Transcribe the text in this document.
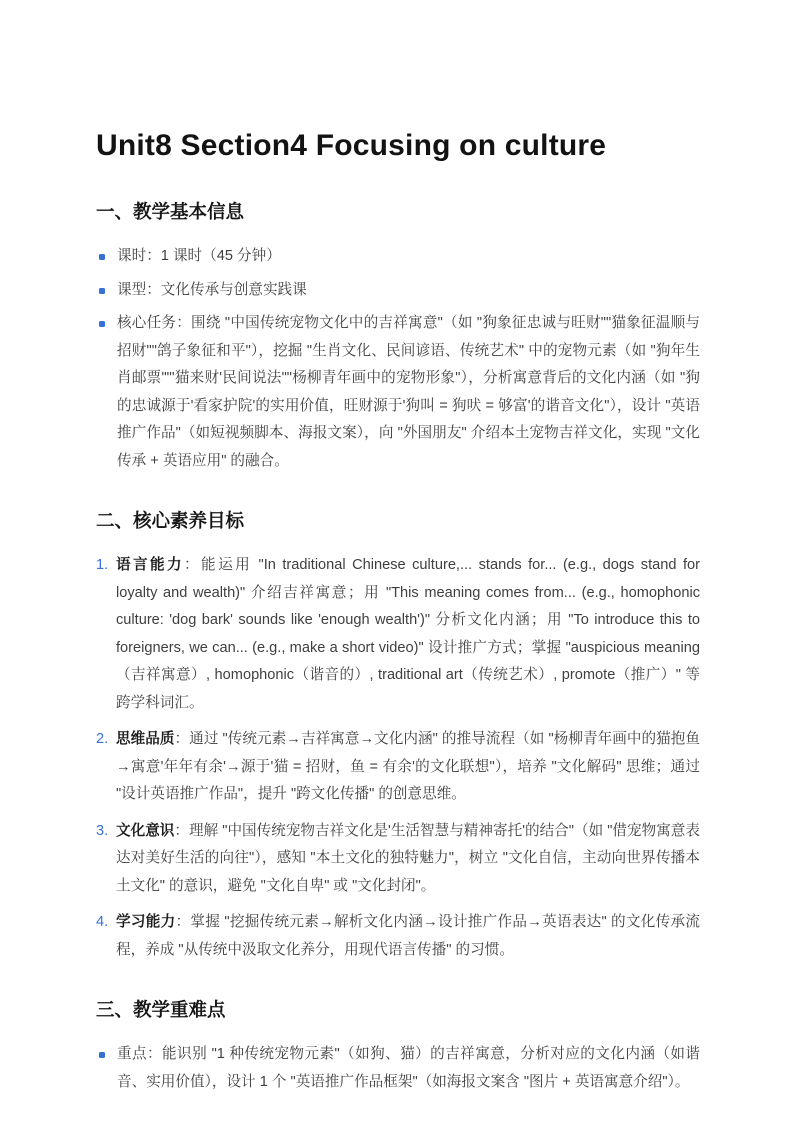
Unit8 Section4 Focusing on culture
一、教学基本信息
课时：1 课时（45 分钟）
课型：文化传承与创意实践课
核心任务：围绕 "中国传统宠物文化中的吉祥寓意"（如 "狗象征忠诚与旺财""猫象征温顺与招财""鸽子象征和平"），挖掘 "生肖文化、民间谚语、传统艺术" 中的宠物元素（如 "狗年生肖邮票""'猫来财'民间说法""杨柳青年画中的宠物形象"），分析寓意背后的文化内涵（如 "狗的忠诚源于'看家护院'的实用价值，旺财源于'狗叫 = 狗吠 = 够富'的谐音文化"），设计 "英语推广作品"（如短视频脚本、海报文案），向 "外国朋友" 介绍本土宠物吉祥文化，实现 "文化传承 + 英语应用" 的融合。
二、核心素养目标
1. 语言能力：能运用 "In traditional Chinese culture,... stands for... (e.g., dogs stand for loyalty and wealth)" 介绍吉祥寓意；用 "This meaning comes from... (e.g., homophonic culture: 'dog bark' sounds like 'enough wealth')" 分析文化内涵；用 "To introduce this to foreigners, we can... (e.g., make a short video)" 设计推广方式；掌握 "auspicious meaning（吉祥寓意）, homophonic（谐音的）, traditional art（传统艺术）, promote（推广）" 等跨学科词汇。
2. 思维品质：通过 "传统元素→吉祥寓意→文化内涵" 的推导流程（如 "杨柳青年画中的猫抱鱼→寓意'年年有余'→源于'猫 = 招财，鱼 = 有余'的文化联想"），培养 "文化解码" 思维；通过 "设计英语推广作品"，提升 "跨文化传播" 的创意思维。
3. 文化意识：理解 "中国传统宠物吉祥文化是'生活智慧与精神寄托'的结合"（如 "借宠物寓意表达对美好生活的向往"），感知 "本土文化的独特魅力"，树立 "文化自信，主动向世界传播本土文化" 的意识，避免 "文化自卑" 或 "文化封闭"。
4. 学习能力：掌握 "挖掘传统元素→解析文化内涵→设计推广作品→英语表达" 的文化传承流程，养成 "从传统中汲取文化养分，用现代语言传播" 的习惯。
三、教学重难点
重点：能识别 "1 种传统宠物元素"（如狗、猫）的吉祥寓意，分析对应的文化内涵（如谐音、实用价值），设计 1 个 "英语推广作品框架"（如海报文案含 "图片 + 英语寓意介绍"）。
